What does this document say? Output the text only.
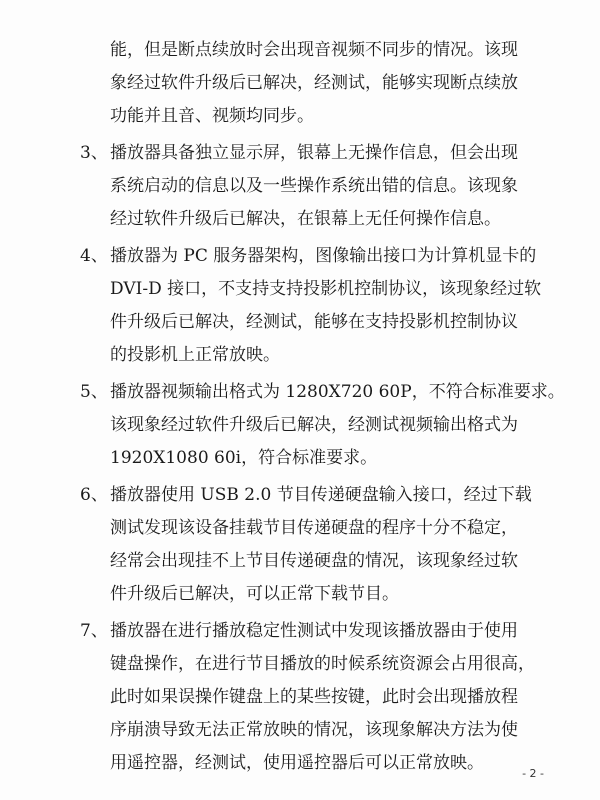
能，但是断点续放时会出现音视频不同步的情况。该现
象经过软件升级后已解决，经测试，能够实现断点续放
功能并且音、视频均同步。
3、 播放器具备独立显示屏，银幕上无操作信息，但会出现
系统启动的信息以及一些操作系统出错的信息。该现象
经过软件升级后已解决，在银幕上无任何操作信息。
4、 播放器为 PC 服务器架构，图像输出接口为计算机显卡的
DVI-D 接口，不支持支持投影机控制协议，该现象经过软
件升级后已解决，经测试，能够在支持投影机控制协议
的投影机上正常放映。
5、 播放器视频输出格式为 1280X720 60P，不符合标准要求。
该现象经过软件升级后已解决，经测试视频输出格式为
1920X1080 60i，符合标准要求。
6、 播放器使用 USB 2.0 节目传递硬盘输入接口，经过下载
测试发现该设备挂载节目传递硬盘的程序十分不稳定，
经常会出现挂不上节目传递硬盘的情况，该现象经过软
件升级后已解决，可以正常下载节目。
7、 播放器在进行播放稳定性测试中发现该播放器由于使用
键盘操作，在进行节目播放的时候系统资源会占用很高，
此时如果误操作键盘上的某些按键，此时会出现播放程
序崩溃导致无法正常放映的情况，该现象解决方法为使
用遥控器，经测试，使用遥控器后可以正常放映。
- 2 -
